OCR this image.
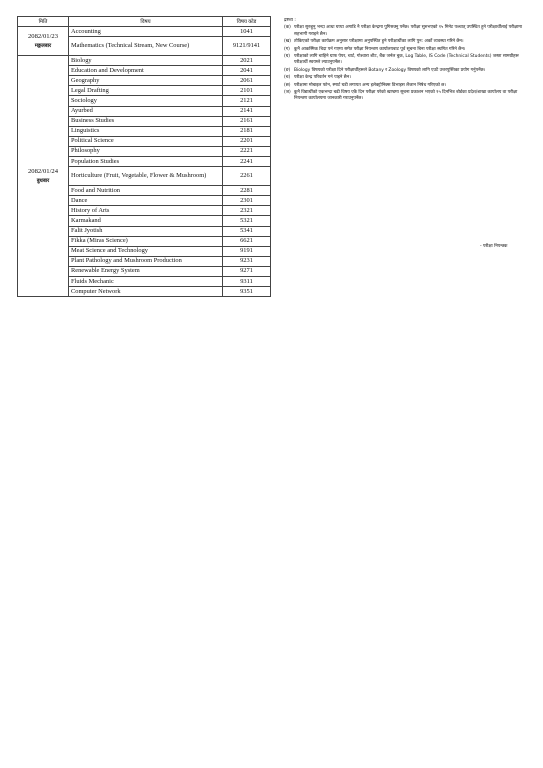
मिति	विषय	विषय कोड
2082/01/23
मङ्गलबार	Accounting	1041
	Mathematics (Technical Stream, New Course)	9121/9141
2082/01/24
बुधबार	Biology	2021
	Education and Development	2041
	Geography	2061
	Legal Drafting	2101
	Sociology	2121
	Ayurbed	2141
	Business Studies	2161
	Linguistics	2181
	Political Science	2201
	Philosophy	2221
	Population Studies	2241
	Horticulture (Fruit, Vegetable, Flower & Mushroom)	2261
	Food and Nutrition	2281
	Dance	2301
	History of Arts	2321
	Karmakand	5321
	Falit Jyotish	5341
	Fikka (Miras Science)	6621
	Meat Science and Technology	9191
	Plant Pathology and Mushroom Production	9231
	Renewable Energy System	9271
	Fluids Mechanic	9311
	Computer Network	9351
द्रष्टव्य :
(क) परीक्षा सुरुहुनु भन्दा आधा घण्टा अगाडि नै परीक्षा केन्द्रमा पुगिसक्नु पर्नेछ। परीक्षा सुरुभएको १५ मिनेट पश्चात् उपस्थित हुने परीक्षार्थीलाई परीक्षामा सहभागी गराइने छैन।
(ख) तोकिएको परीक्षा कार्यक्रम अनुसार परीक्षामा अनुपस्थित हुने परीक्षार्थीका लागि पुन: अर्को व्यवस्था गरिने छैन।
(ग) कुनै आकस्मिक बिदा पर्न गएमा समेत परीक्षा नियन्त्रण कार्यालयबाट पूर्व सूचना बिना परीक्षा स्थगित गरिने छैन।
(घ) परीक्षाको लागि चाहिने ग्राफ पेपर, चार्ट, गोश्वारा शीट, बैंक जर्नल बुक, Log Table, IS Code (Technical Students) जस्ता सामग्रीहरू परीक्षार्थी स्वयम्ले ल्याउनुपर्नेछ।
(ङ) Biology विषयको परीक्षा दिने परीक्षार्थीहरूले Botany र Zoology विषयको लागि एउटै उत्तरपुस्तिका प्रयोग गर्नुपर्नेछ।
(च) परीक्षा केन्द्र परिवर्तन गर्न पाइने छैन।
(छ) परीक्षामा मोबाइल फोन, स्मार्ट घडी लगायत अन्य इलेक्ट्रोनिक्स डिभाइस लैजान निषेध गरिएको छ।
(ज) कुनै विद्यार्थीको एकभन्दा बढी विषय एकै दिन परीक्षा परेको खण्डमा सूचना प्रकाशन भएको १५ दिनभित्र बोर्डका प्रदेश/शाखा कार्यालय वा परीक्षा नियन्त्रण कार्यालयमा जानकारी गराउनुपर्नेछ।
- परीक्षा नियन्त्रक
